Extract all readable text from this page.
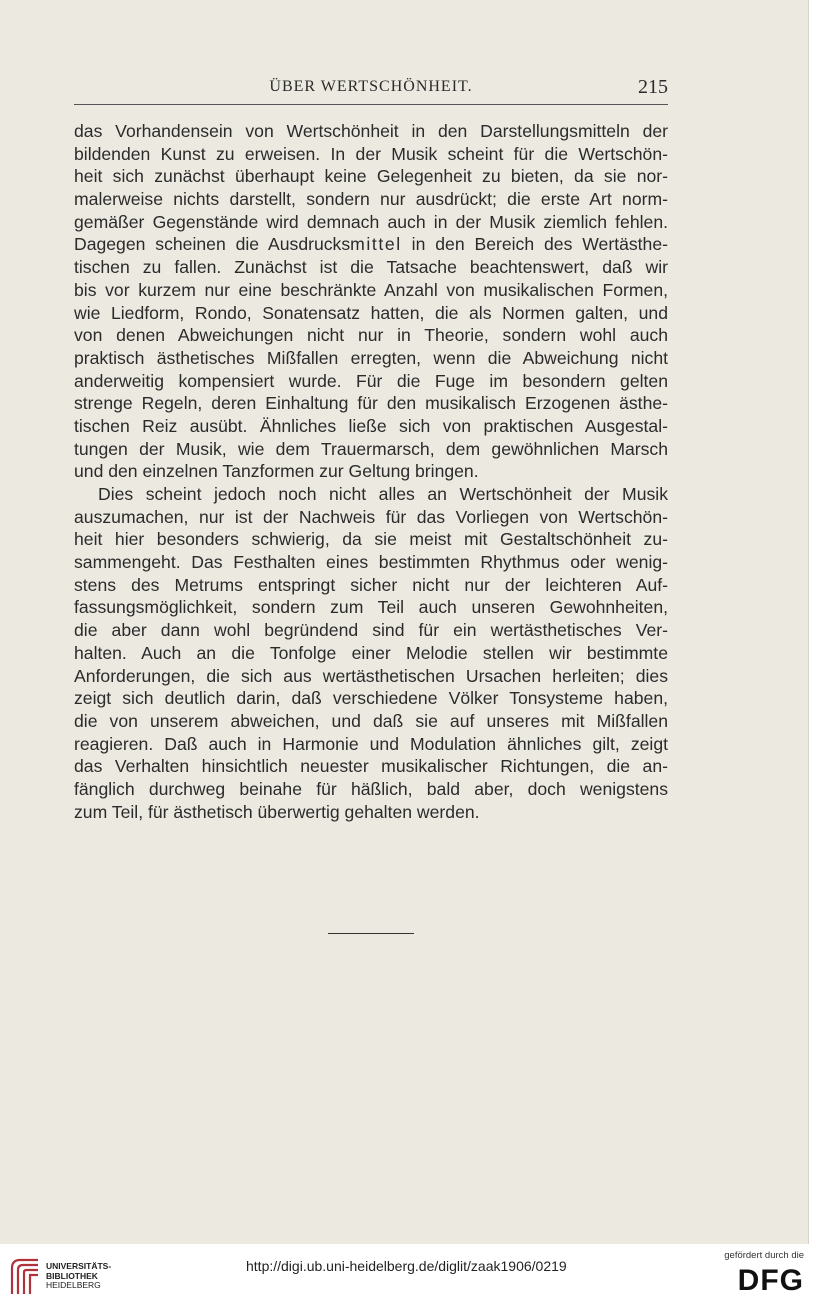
ÜBER WERTSCHÖNHEIT.	215
das Vorhandensein von Wertschönheit in den Darstellungsmitteln der
bildenden Kunst zu erweisen. In der Musik scheint für die Wertschön-
heit sich zunächst überhaupt keine Gelegenheit zu bieten, da sie nor-
malerweise nichts darstellt, sondern nur ausdrückt; die erste Art norm-
gemäßer Gegenstände wird demnach auch in der Musik ziemlich fehlen.
Dagegen scheinen die Ausdrucksmittel in den Bereich des Wertästhe-
tischen zu fallen. Zunächst ist die Tatsache beachtenswert, daß wir
bis vor kurzem nur eine beschränkte Anzahl von musikalischen Formen,
wie Liedform, Rondo, Sonatensatz hatten, die als Normen galten, und
von denen Abweichungen nicht nur in Theorie, sondern wohl auch
praktisch ästhetisches Mißfallen erregten, wenn die Abweichung nicht
anderweitig kompensiert wurde. Für die Fuge im besondern gelten
strenge Regeln, deren Einhaltung für den musikalisch Erzogenen ästhe-
tischen Reiz ausübt. Ähnliches ließe sich von praktischen Ausgestal-
tungen der Musik, wie dem Trauermarsch, dem gewöhnlichen Marsch
und den einzelnen Tanzformen zur Geltung bringen.
Dies scheint jedoch noch nicht alles an Wertschönheit der Musik
auszumachen, nur ist der Nachweis für das Vorliegen von Wertschön-
heit hier besonders schwierig, da sie meist mit Gestaltschönheit zu-
sammengeht. Das Festhalten eines bestimmten Rhythmus oder wenig-
stens des Metrums entspringt sicher nicht nur der leichteren Auf-
fassungsmöglichkeit, sondern zum Teil auch unseren Gewohnheiten,
die aber dann wohl begründend sind für ein wertästhetisches Ver-
halten. Auch an die Tonfolge einer Melodie stellen wir bestimmte
Anforderungen, die sich aus wertästhetischen Ursachen herleiten; dies
zeigt sich deutlich darin, daß verschiedene Völker Tonsysteme haben,
die von unserem abweichen, und daß sie auf unseres mit Mißfallen
reagieren. Daß auch in Harmonie und Modulation ähnliches gilt, zeigt
das Verhalten hinsichtlich neuester musikalischer Richtungen, die an-
fänglich durchweg beinahe für häßlich, bald aber, doch wenigstens
zum Teil, für ästhetisch überwertig gehalten werden.
UNIVERSITÄTS-
BIBLIOTHEK
HEIDELBERG
http://digi.ub.uni-heidelberg.de/diglit/zaak1906/0219
gefördert durch die
DFG
